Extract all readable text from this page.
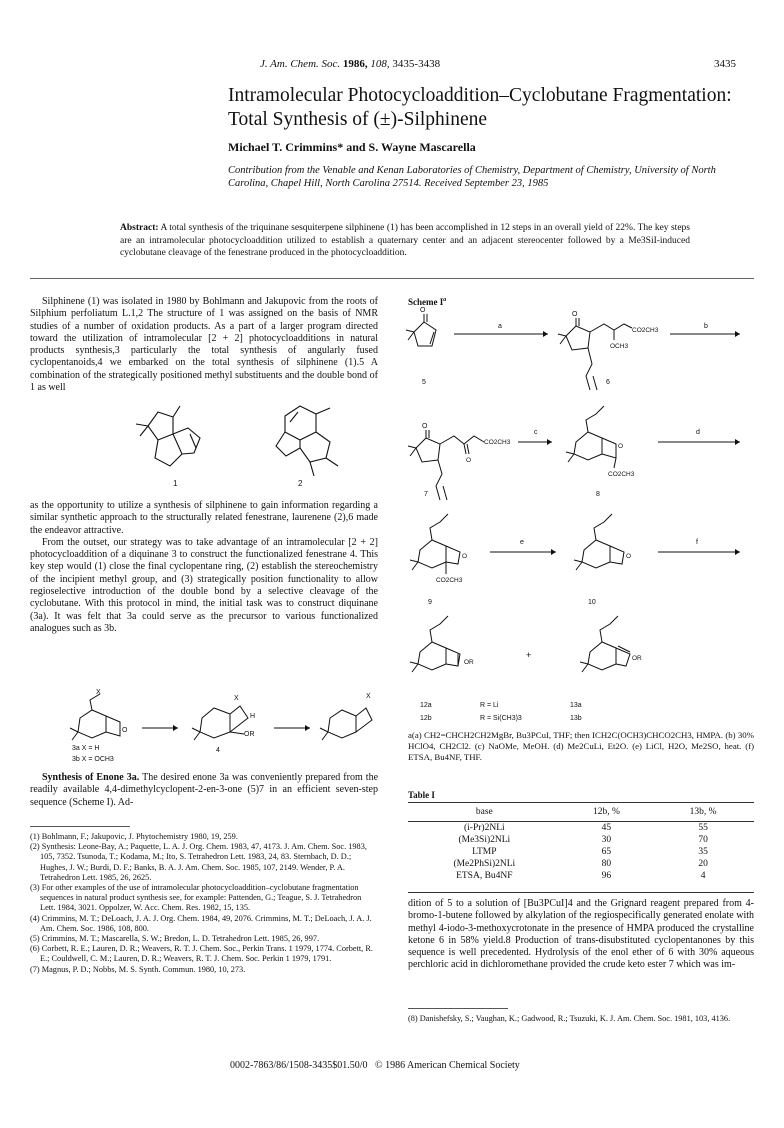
J. Am. Chem. Soc. 1986, 108, 3435-3438	3435
Intramolecular Photocycloaddition–Cyclobutane Fragmentation: Total Synthesis of (±)-Silphinene
Michael T. Crimmins* and S. Wayne Mascarella
Contribution from the Venable and Kenan Laboratories of Chemistry, Department of Chemistry, University of North Carolina, Chapel Hill, North Carolina 27514. Received September 23, 1985
Abstract: A total synthesis of the triquinane sesquiterpene silphinene (1) has been accomplished in 12 steps in an overall yield of 22%. The key steps are an intramolecular photocycloaddition utilized to establish a quaternary center and an adjacent stereocenter followed by a Me3SiI-induced cyclobutane cleavage of the fenestrane produced in the photocycloaddition.

Silphinene (1) was isolated in 1980 by Bohlmann and Jakupovic from the roots of Silphium perfoliatum L.1,2 The structure of 1 was assigned on the basis of NMR studies of a number of oxidation products. As a part of a larger program directed toward the utilization of intramolecular [2 + 2] photocycloadditions in natural products synthesis,3 particularly the total synthesis of angularly fused cyclopentanoids,4 we embarked on the total synthesis of silphinene (1).5 A combination of the strategically positioned methyl substituents and the double bond of 1 as well

1	2

as the opportunity to utilize a synthesis of silphinene to gain information regarding a similar synthetic approach to the structurally related fenestrane, laurenene (2),6 made the endeavor attractive.

From the outset, our strategy was to take advantage of an intramolecular [2 + 2] photocycloaddition of a diquinane 3 to construct the functionalized fenestrane 4. This key step would (1) close the final cyclopentane ring, (2) establish the stereochemistry of the incipient methyl group, and (3) strategically position functionality to allow regioselective introduction of the double bond by a selective cleavage of the cyclobutane. With this protocol in mind, the initial task was to construct diquinane (3a). It was felt that 3a could serve as the precursor to various functionalized analogues such as 3b.

X
O
X
H
OR
X
3a X = H
3b X = OCH3
4

Synthesis of Enone 3a. The desired enone 3a was conveniently prepared from the readily available 4,4-dimethylcyclopent-2-en-3-one (5)7 in an efficient seven-step sequence (Scheme I). Ad-

(1) Bohlmann, F.; Jakupovic, J. Phytochemistry 1980, 19, 259.
(2) Synthesis: Leone-Bay, A.; Paquette, L. A. J. Org. Chem. 1983, 47, 4173. J. Am. Chem. Soc. 1983, 105, 7352. Tsunoda, T.; Kodama, M.; Ito, S. Tetrahedron Lett. 1983, 24, 83. Sternbach, D. D.; Hughes, J. W.; Burdi, D. F.; Banks, B. A. J. Am. Chem. Soc. 1985, 107, 2149. Wender, P. A. Tetrahedron Lett. 1985, 26, 2625.
(3) For other examples of the use of intramolecular photocycloaddition–cyclobutane fragmentation sequences in natural product synthesis see, for example: Pattenden, G.; Teague, S. J. Tetrahedron Lett. 1984, 3021. Oppolzer, W. Acc. Chem. Res. 1982, 15, 135.
(4) Crimmins, M. T.; DeLoach, J. A. J. Org. Chem. 1984, 49, 2076. Crimmins, M. T.; DeLoach, J. A. J. Am. Chem. Soc. 1986, 108, 800.
(5) Crimmins, M. T.; Mascarella, S. W.; Bredon, L. D. Tetrahedron Lett. 1985, 26, 997.
(6) Corbett, R. E.; Lauren, D. R.; Weavers, R. T. J. Chem. Soc., Perkin Trans. 1 1979, 1774. Corbett, R. E.; Couldwell, C. M.; Lauren, D. R.; Weavers, R. T. J. Chem. Soc. Perkin 1 1979, 1791.
(7) Magnus, P. D.; Nobbs, M. S. Synth. Commun. 1980, 10, 273.
Scheme $I^a$
O
5
a
O
CO2CH3
OCH3
6
b
O
O
CO2CH3
7
c
O
CO2CH3
8
d
O
CO2CH3
9
e
O
10
f
OR
+	OR
12a
12b
R = Li
R = Si(CH3)3
13a
13b
a(a) CH2=CHCH2CH2MgBr, Bu3PCuI, THF; then ICH2C(OCH3)CHCO2CH3, HMPA. (b) 30% HClO4, CH2Cl2. (c) NaOMe, MeOH. (d) Me2CuLi, Et2O. (e) LiCl, H2O, Me2SO, heat. (f) ETSA, Bu4NF, THF.
Table I
base	12b, %	13b, %

(i-Pr)2NLi	45	55
(Me3Si)2NLi	30	70
LTMP	65	35
(Me2PhSi)2NLi	80	20
ETSA, Bu4NF	96	4

dition of 5 to a solution of [Bu3PCuI]4 and the Grignard reagent prepared from 4-bromo-1-butene followed by alkylation of the regiospecifically generated enolate with methyl 4-iodo-3-methoxycrotonate in the presence of HMPA produced the crystalline ketone 6 in 58% yield.8 Production of trans-disubstituted cyclopentanones by this sequence is well precedented. Hydrolysis of the enol ether of 6 with 30% aqueous perchloric acid in dichloromethane provided the crude keto ester 7 which was im-

(8) Danishefsky, S.; Vaughan, K.; Gadwood, R.; Tsuzuki, K. J. Am. Chem. Soc. 1981, 103, 4136.
0002-7863/86/1508-3435$01.50/0 © 1986 American Chemical Society
